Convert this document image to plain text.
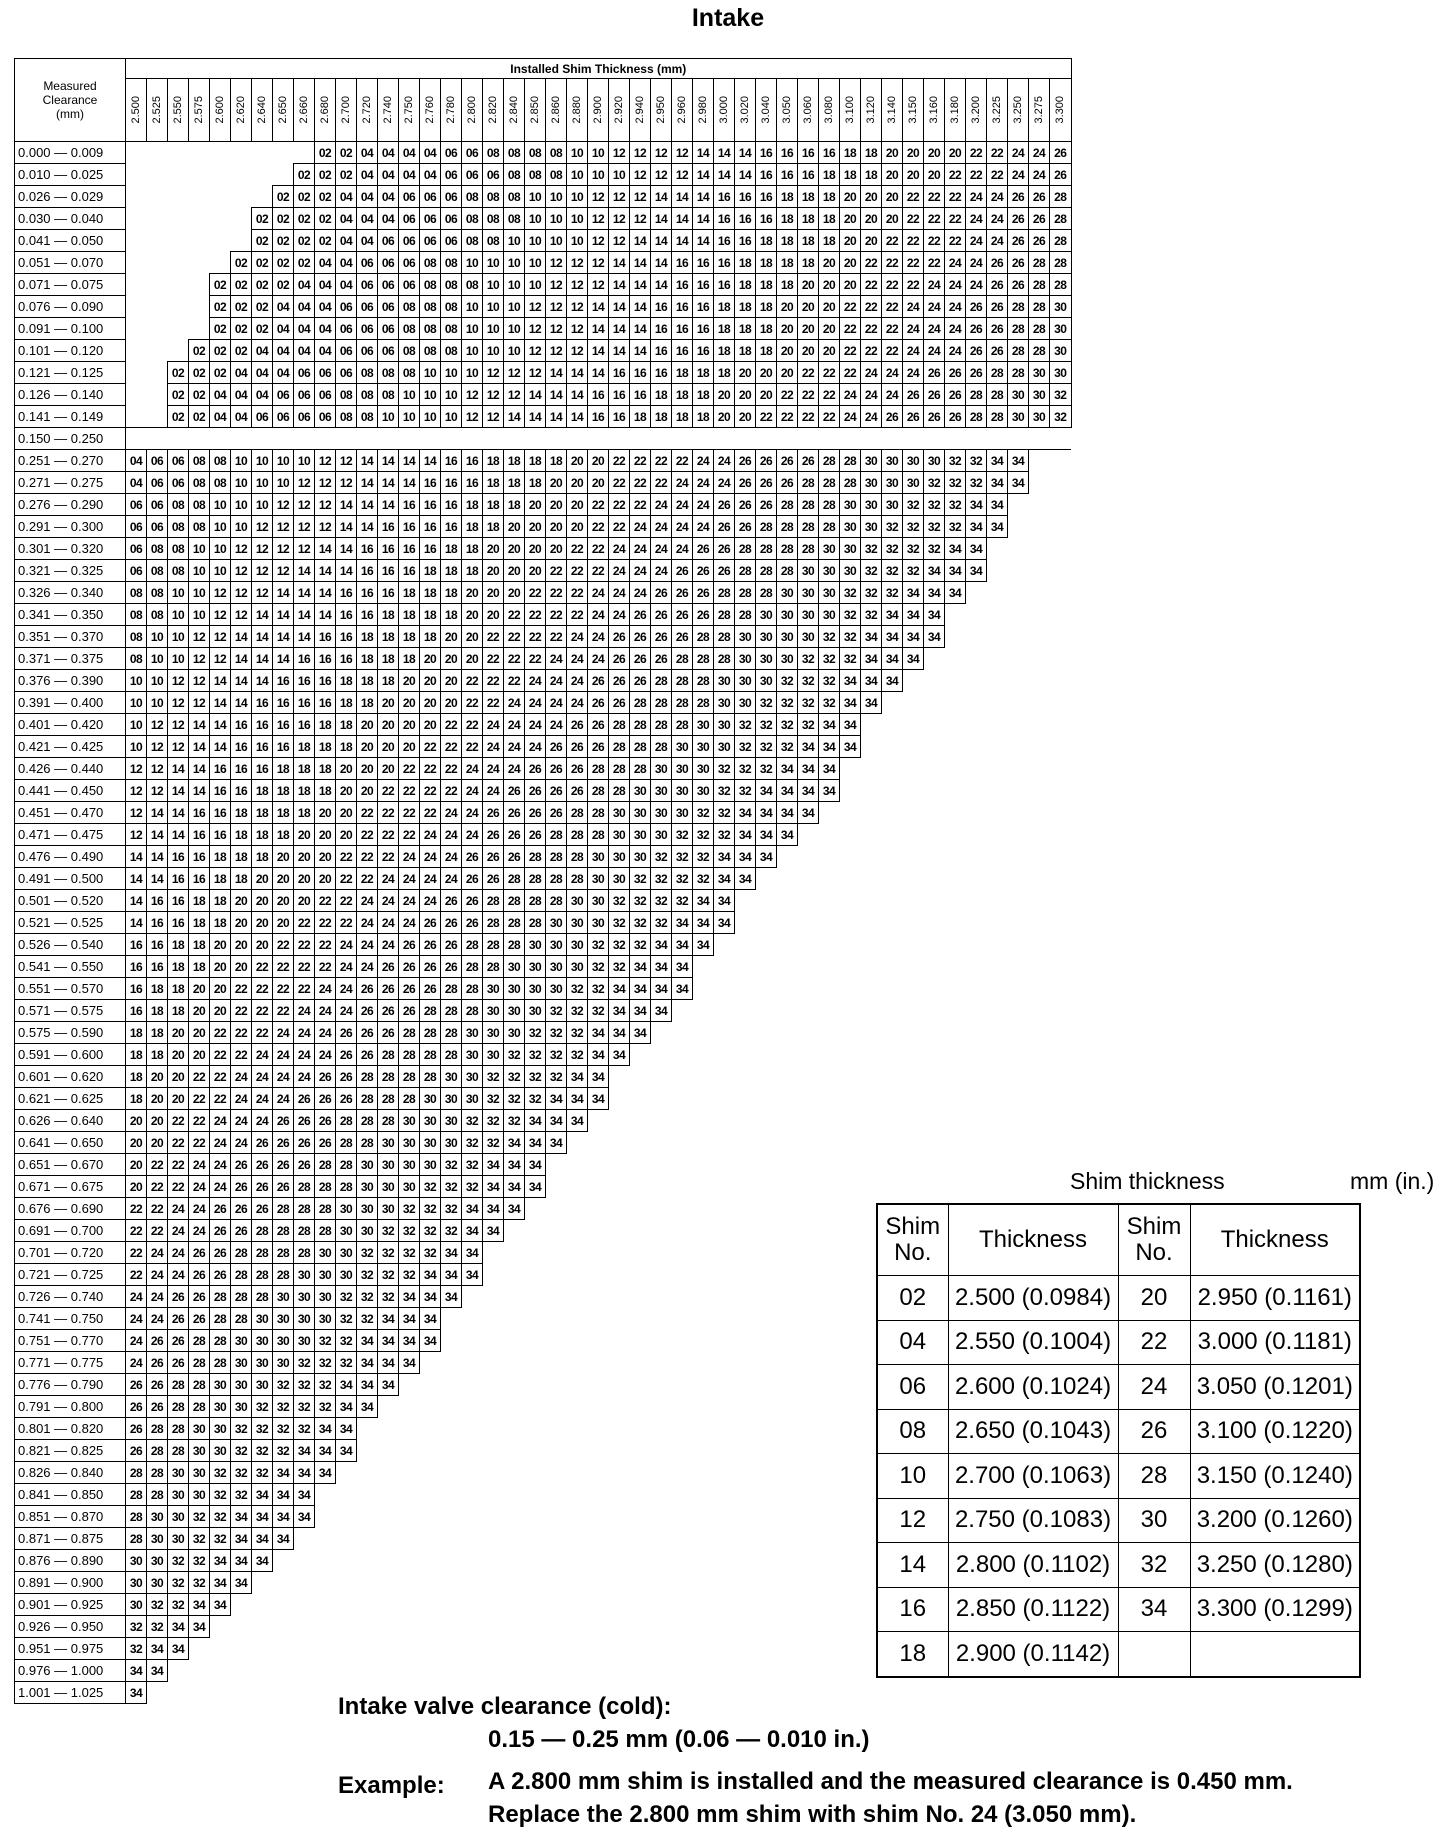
Intake
Measured
Clearance
(mm)	Installed Shim Thickness (mm)																																												

	2.500	2.525	2.550	2.575	2.600	2.620	2.640	2.650	2.660	2.680	2.700	2.720	2.740	2.750	2.760	2.780	2.800	2.820	2.840	2.850	2.860	2.880	2.900	2.920	2.940	2.950	2.960	2.980	3.000	3.020	3.040	3.050	3.060	3.080	3.100	3.120	3.140	3.150	3.160	3.180	3.200	3.225	3.250	3.275	3.300

0.000 — 0.009										02	02	04	04	04	04	06	06	08	08	08	08	10	10	12	12	12	12	14	14	14	16	16	16	16	18	18	20	20	20	20	22	22	24	24	26
0.010 — 0.025									02	02	02	04	04	04	04	06	06	06	08	08	08	10	10	10	12	12	12	14	14	14	16	16	16	18	18	18	20	20	20	22	22	22	24	24	26
0.026 — 0.029								02	02	02	04	04	04	06	06	06	08	08	08	10	10	10	12	12	12	14	14	14	16	16	16	18	18	18	20	20	20	22	22	22	24	24	26	26	28
0.030 — 0.040							02	02	02	02	04	04	04	06	06	06	08	08	08	10	10	10	12	12	12	14	14	14	16	16	16	18	18	18	20	20	20	22	22	22	24	24	26	26	28
0.041 — 0.050							02	02	02	02	04	04	06	06	06	06	08	08	10	10	10	10	12	12	14	14	14	14	16	16	18	18	18	18	20	20	22	22	22	22	24	24	26	26	28
0.051 — 0.070						02	02	02	02	04	04	06	06	06	08	08	10	10	10	10	12	12	12	14	14	14	16	16	16	18	18	18	18	20	20	22	22	22	22	24	24	26	26	28	28
0.071 — 0.075					02	02	02	02	04	04	04	06	06	06	08	08	08	10	10	10	12	12	12	14	14	14	16	16	16	18	18	18	20	20	20	22	22	22	24	24	24	26	26	28	28
0.076 — 0.090					02	02	02	04	04	04	06	06	06	08	08	08	10	10	10	12	12	12	14	14	14	16	16	16	18	18	18	20	20	20	22	22	22	24	24	24	26	26	28	28	30
0.091 — 0.100					02	02	02	04	04	04	06	06	06	08	08	08	10	10	10	12	12	12	14	14	14	16	16	16	18	18	18	20	20	20	22	22	22	24	24	24	26	26	28	28	30
0.101 — 0.120				02	02	02	04	04	04	04	06	06	06	08	08	08	10	10	10	12	12	12	14	14	14	16	16	16	18	18	18	20	20	20	22	22	22	24	24	24	26	26	28	28	30
0.121 — 0.125			02	02	02	04	04	04	06	06	06	08	08	08	10	10	10	12	12	12	14	14	14	16	16	16	18	18	18	20	20	20	22	22	22	24	24	24	26	26	26	28	28	30	30
0.126 — 0.140			02	02	04	04	04	06	06	06	08	08	08	10	10	10	12	12	12	14	14	14	16	16	16	18	18	18	20	20	20	22	22	22	24	24	24	26	26	26	28	28	30	30	32
0.141 — 0.149			02	02	04	04	06	06	06	06	08	08	10	10	10	10	12	12	14	14	14	14	16	16	18	18	18	18	20	20	22	22	22	22	24	24	26	26	26	26	28	28	30	30	32
0.150 — 0.250																																													
0.251 — 0.270	04	06	06	08	08	10	10	10	10	12	12	14	14	14	14	16	16	18	18	18	18	20	20	22	22	22	22	24	24	26	26	26	26	28	28	30	30	30	30	32	32	34	34		
0.271 — 0.275	04	06	06	08	08	10	10	10	12	12	12	14	14	14	16	16	16	18	18	18	20	20	20	22	22	22	24	24	24	26	26	26	28	28	28	30	30	30	32	32	32	34	34		
0.276 — 0.290	06	06	08	08	10	10	10	12	12	12	14	14	14	16	16	16	18	18	18	20	20	20	22	22	22	24	24	24	26	26	26	28	28	28	30	30	30	32	32	32	34	34			
0.291 — 0.300	06	06	08	08	10	10	12	12	12	12	14	14	16	16	16	16	18	18	20	20	20	20	22	22	24	24	24	24	26	26	28	28	28	28	30	30	32	32	32	32	34	34			
0.301 — 0.320	06	08	08	10	10	12	12	12	12	14	14	16	16	16	16	18	18	20	20	20	20	22	22	24	24	24	24	26	26	28	28	28	28	30	30	32	32	32	32	34	34				
0.321 — 0.325	06	08	08	10	10	12	12	12	14	14	14	16	16	16	18	18	18	20	20	20	22	22	22	24	24	24	26	26	26	28	28	28	30	30	30	32	32	32	34	34	34				
0.326 — 0.340	08	08	10	10	12	12	12	14	14	14	16	16	16	18	18	18	20	20	20	22	22	22	24	24	24	26	26	26	28	28	28	30	30	30	32	32	32	34	34	34					
0.341 — 0.350	08	08	10	10	12	12	14	14	14	14	16	16	18	18	18	18	20	20	22	22	22	22	24	24	26	26	26	26	28	28	30	30	30	30	32	32	34	34	34						
0.351 — 0.370	08	10	10	12	12	14	14	14	14	16	16	18	18	18	18	20	20	22	22	22	22	24	24	26	26	26	26	28	28	30	30	30	30	32	32	34	34	34	34						
0.371 — 0.375	08	10	10	12	12	14	14	14	16	16	16	18	18	18	20	20	20	22	22	22	24	24	24	26	26	26	28	28	28	30	30	30	32	32	32	34	34	34							
0.376 — 0.390	10	10	12	12	14	14	14	16	16	16	18	18	18	20	20	20	22	22	22	24	24	24	26	26	26	28	28	28	30	30	30	32	32	32	34	34	34								
0.391 — 0.400	10	10	12	12	14	14	16	16	16	16	18	18	20	20	20	20	22	22	24	24	24	24	26	26	28	28	28	28	30	30	32	32	32	32	34	34									
0.401 — 0.420	10	12	12	14	14	16	16	16	16	18	18	20	20	20	20	22	22	24	24	24	24	26	26	28	28	28	28	30	30	32	32	32	32	34	34										
0.421 — 0.425	10	12	12	14	14	16	16	16	18	18	18	20	20	20	22	22	22	24	24	24	26	26	26	28	28	28	30	30	30	32	32	32	34	34	34										
0.426 — 0.440	12	12	14	14	16	16	16	18	18	18	20	20	20	22	22	22	24	24	24	26	26	26	28	28	28	30	30	30	32	32	32	34	34	34											
0.441 — 0.450	12	12	14	14	16	16	18	18	18	18	20	20	22	22	22	22	24	24	26	26	26	26	28	28	30	30	30	30	32	32	34	34	34	34											
0.451 — 0.470	12	14	14	16	16	18	18	18	18	20	20	22	22	22	22	24	24	26	26	26	26	28	28	30	30	30	30	32	32	34	34	34	34												
0.471 — 0.475	12	14	14	16	16	18	18	18	20	20	20	22	22	22	24	24	24	26	26	26	28	28	28	30	30	30	32	32	32	34	34	34													
0.476 — 0.490	14	14	16	16	18	18	18	20	20	20	22	22	22	24	24	24	26	26	26	28	28	28	30	30	30	32	32	32	34	34	34														
0.491 — 0.500	14	14	16	16	18	18	20	20	20	20	22	22	24	24	24	24	26	26	28	28	28	28	30	30	32	32	32	32	34	34															
0.501 — 0.520	14	16	16	18	18	20	20	20	20	22	22	24	24	24	24	26	26	28	28	28	28	30	30	32	32	32	32	34	34																
0.521 — 0.525	14	16	16	18	18	20	20	20	22	22	22	24	24	24	26	26	26	28	28	28	30	30	30	32	32	32	34	34	34																
0.526 — 0.540	16	16	18	18	20	20	20	22	22	22	24	24	24	26	26	26	28	28	28	30	30	30	32	32	32	34	34	34																	
0.541 — 0.550	16	16	18	18	20	20	22	22	22	22	24	24	26	26	26	26	28	28	30	30	30	30	32	32	34	34	34																		
0.551 — 0.570	16	18	18	20	20	22	22	22	22	24	24	26	26	26	26	28	28	30	30	30	30	32	32	34	34	34	34																		
0.571 — 0.575	16	18	18	20	20	22	22	22	24	24	24	26	26	26	28	28	28	30	30	30	32	32	32	34	34	34																			
0.575 — 0.590	18	18	20	20	22	22	22	24	24	24	26	26	26	28	28	28	30	30	30	32	32	32	34	34	34																				
0.591 — 0.600	18	18	20	20	22	22	24	24	24	24	26	26	28	28	28	28	30	30	32	32	32	32	34	34																					
0.601 — 0.620	18	20	20	22	22	24	24	24	24	26	26	28	28	28	28	30	30	32	32	32	32	34	34																						
0.621 — 0.625	18	20	20	22	22	24	24	24	26	26	26	28	28	28	30	30	30	32	32	32	34	34	34																						
0.626 — 0.640	20	20	22	22	24	24	24	26	26	26	28	28	28	30	30	30	32	32	32	34	34	34																							
0.641 — 0.650	20	20	22	22	24	24	26	26	26	26	28	28	30	30	30	30	32	32	34	34	34																								
0.651 — 0.670	20	22	22	24	24	26	26	26	26	28	28	30	30	30	30	32	32	34	34	34																									
0.671 — 0.675	20	22	22	24	24	26	26	26	28	28	28	30	30	30	32	32	32	34	34	34																									
0.676 — 0.690	22	22	24	24	26	26	26	28	28	28	30	30	30	32	32	32	34	34	34																										
0.691 — 0.700	22	22	24	24	26	26	28	28	28	28	30	30	32	32	32	32	34	34																											
0.701 — 0.720	22	24	24	26	26	28	28	28	28	30	30	32	32	32	32	34	34																												
0.721 — 0.725	22	24	24	26	26	28	28	28	30	30	30	32	32	32	34	34	34																												
0.726 — 0.740	24	24	26	26	28	28	28	30	30	30	32	32	32	34	34	34																													
0.741 — 0.750	24	24	26	26	28	28	30	30	30	30	32	32	34	34	34																														
0.751 — 0.770	24	26	26	28	28	30	30	30	30	32	32	34	34	34	34																														
0.771 — 0.775	24	26	26	28	28	30	30	30	32	32	32	34	34	34																															
0.776 — 0.790	26	26	28	28	30	30	30	32	32	32	34	34	34																																
0.791 — 0.800	26	26	28	28	30	30	32	32	32	32	34	34																																	
0.801 — 0.820	26	28	28	30	30	32	32	32	32	34	34																																		
0.821 — 0.825	26	28	28	30	30	32	32	32	34	34	34																																		
0.826 — 0.840	28	28	30	30	32	32	32	34	34	34																																			
0.841 — 0.850	28	28	30	30	32	32	34	34	34																																				
0.851 — 0.870	28	30	30	32	32	34	34	34	34																																				
0.871 — 0.875	28	30	30	32	32	34	34	34																																					
0.876 — 0.890	30	30	32	32	34	34	34																																						
0.891 — 0.900	30	30	32	32	34	34																																							
0.901 — 0.925	30	32	32	34	34																																								
0.926 — 0.950	32	32	34	34																																									
0.951 — 0.975	32	34	34																																										
0.976 — 1.000	34	34																																											
1.001 — 1.025	34																																												
Shim thickness	mm (in.)
Shim No.	Thickness	Shim No.	Thickness
02	2.500 (0.0984)	20	2.950 (0.1161)
04	2.550 (0.1004)	22	3.000 (0.1181)
06	2.600 (0.1024)	24	3.050 (0.1201)
08	2.650 (0.1043)	26	3.100 (0.1220)
10	2.700 (0.1063)	28	3.150 (0.1240)
12	2.750 (0.1083)	30	3.200 (0.1260)
14	2.800 (0.1102)	32	3.250 (0.1280)
16	2.850 (0.1122)	34	3.300 (0.1299)
18	2.900 (0.1142)		
Intake valve clearance (cold):
0.15 — 0.25 mm (0.06 — 0.010 in.)
Example: A 2.800 mm shim is installed and the measured clearance is 0.450 mm.
Replace the 2.800 mm shim with shim No. 24 (3.050 mm).
